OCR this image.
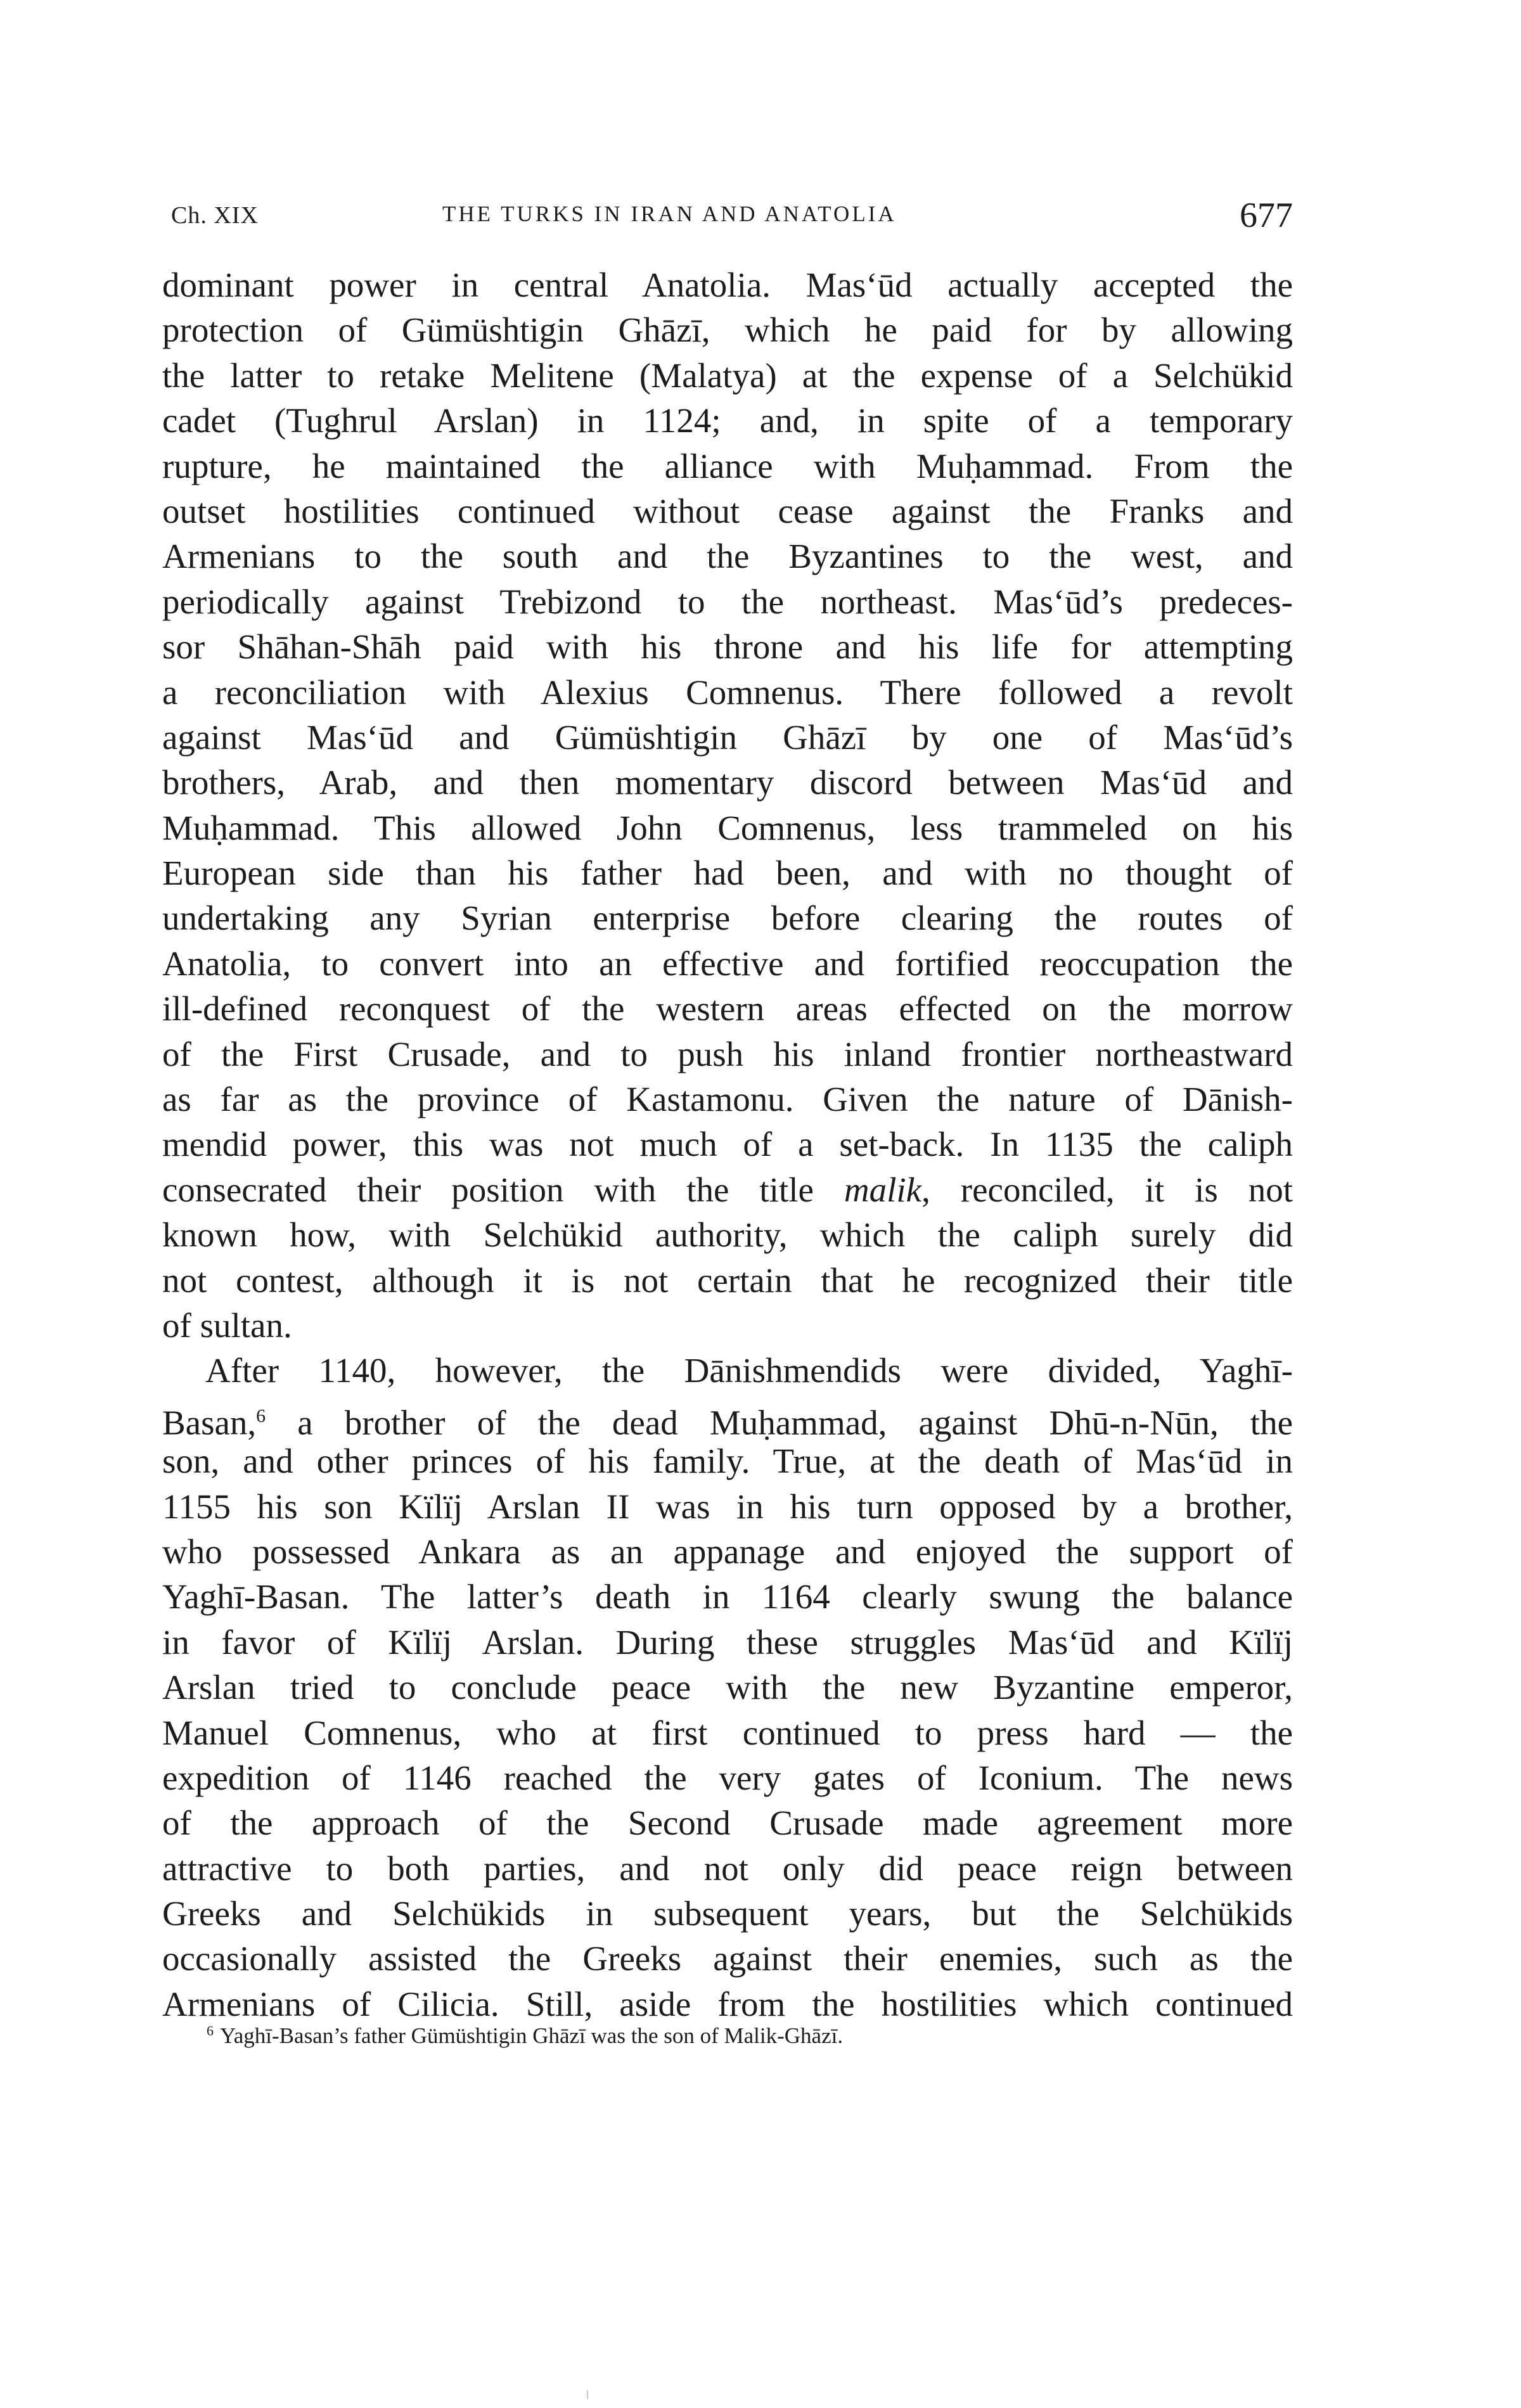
Ch. XIX	THE TURKS IN IRAN AND ANATOLIA	677
dominant power in central Anatolia. Mas‘ūd actually accepted the
protection of Gümüshtigin Ghāzī, which he paid for by allowing
the latter to retake Melitene (Malatya) at the expense of a Selchükid
cadet (Tughrul Arslan) in 1124; and, in spite of a temporary
rupture, he maintained the alliance with Muḥammad. From the
outset hostilities continued without cease against the Franks and
Armenians to the south and the Byzantines to the west, and
periodically against Trebizond to the northeast. Mas‘ūd’s predeces-
sor Shāhan-Shāh paid with his throne and his life for attempting
a reconciliation with Alexius Comnenus. There followed a revolt
against Mas‘ūd and Gümüshtigin Ghāzī by one of Mas‘ūd’s
brothers, Arab, and then momentary discord between Mas‘ūd and
Muḥammad. This allowed John Comnenus, less trammeled on his
European side than his father had been, and with no thought of
undertaking any Syrian enterprise before clearing the routes of
Anatolia, to convert into an effective and fortified reoccupation the
ill-defined reconquest of the western areas effected on the morrow
of the First Crusade, and to push his inland frontier northeastward
as far as the province of Kastamonu. Given the nature of Dānish-
mendid power, this was not much of a set-back. In 1135 the caliph
consecrated their position with the title malik, reconciled, it is not
known how, with Selchükid authority, which the caliph surely did
not contest, although it is not certain that he recognized their title
of sultan.
After 1140, however, the Dānishmendids were divided, Yaghī-
Basan,$^6$ a brother of the dead Muḥammad, against Dhū-n-Nūn, the
son, and other princes of his family. True, at the death of Mas‘ūd in
1155 his son Kïlïj Arslan II was in his turn opposed by a brother,
who possessed Ankara as an appanage and enjoyed the support of
Yaghī-Basan. The latter’s death in 1164 clearly swung the balance
in favor of Kïlïj Arslan. During these struggles Mas‘ūd and Kïlïj
Arslan tried to conclude peace with the new Byzantine emperor,
Manuel Comnenus, who at first continued to press hard — the
expedition of 1146 reached the very gates of Iconium. The news
of the approach of the Second Crusade made agreement more
attractive to both parties, and not only did peace reign between
Greeks and Selchükids in subsequent years, but the Selchükids
occasionally assisted the Greeks against their enemies, such as the
Armenians of Cilicia. Still, aside from the hostilities which continued
$^6$ Yaghī-Basan’s father Gümüshtigin Ghāzī was the son of Malik-Ghāzī.
